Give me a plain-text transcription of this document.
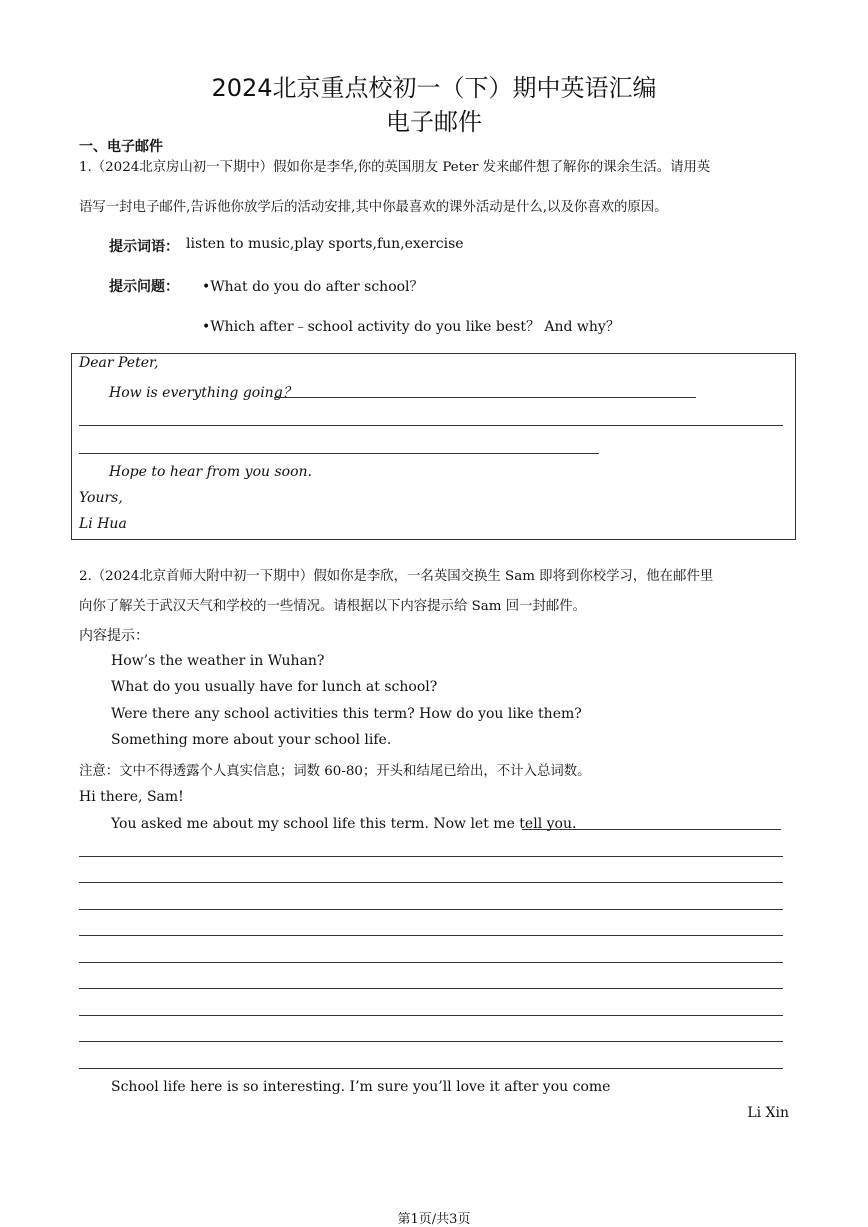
2024北京重点校初一（下）期中英语汇编
电子邮件
一、电子邮件
1.（2024北京房山初一下期中）假如你是李华,你的英国朋友 Peter 发来邮件想了解你的课余生活。请用英
语写一封电子邮件,告诉他你放学后的活动安排,其中你最喜欢的课外活动是什么,以及你喜欢的原因。
提示词语： listen to music,play sports,fun,exercise
提示问题： •What do you do after school？
•Which after﹣school activity do you like best？ And why？
Dear Peter,
How is everything going？
Hope to hear from you soon.
Yours,
Li Hua
2.（2024北京首师大附中初一下期中）假如你是李欣，一名英国交换生 Sam 即将到你校学习，他在邮件里
向你了解关于武汉天气和学校的一些情况。请根据以下内容提示给 Sam 回一封邮件。
内容提示：
How’s the weather in Wuhan?
What do you usually have for lunch at school?
Were there any school activities this term? How do you like them?
Something more about your school life.
注意：文中不得透露个人真实信息；词数 60-80；开头和结尾已给出，不计入总词数。
Hi there, Sam!
You asked me about my school life this term. Now let me tell you.
School life here is so interesting. I’m sure you’ll love it after you come
Li Xin
第1页/共3页
